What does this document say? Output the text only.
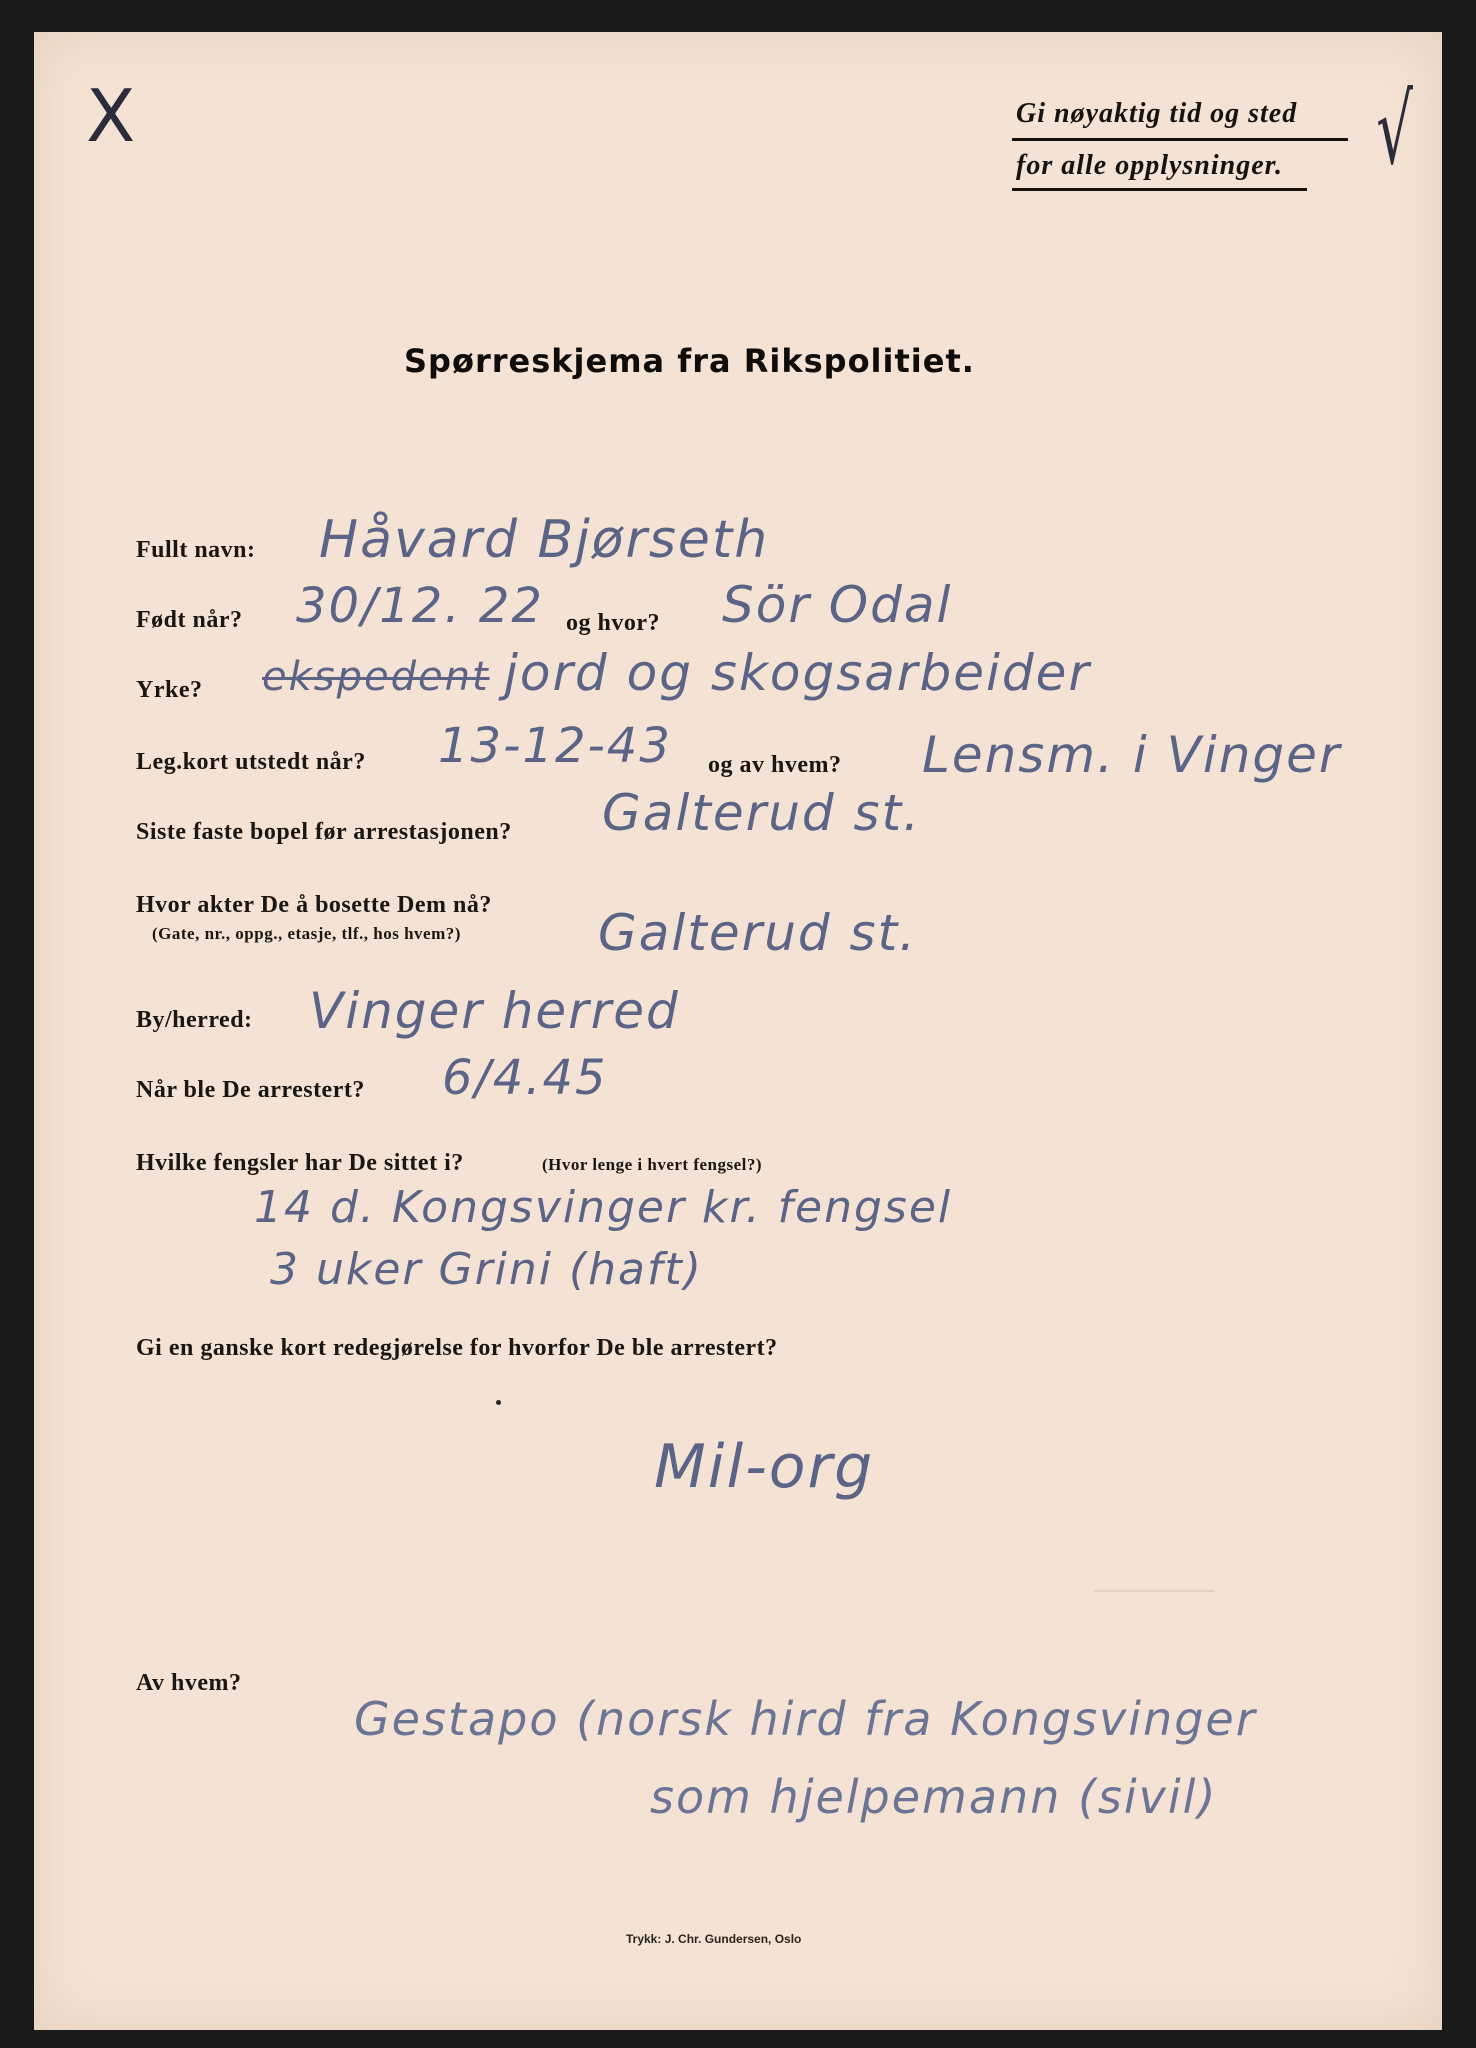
X	√
Gi nøyaktig tid og sted
for alle opplysninger.
Spørreskjema fra Rikspolitiet.
Fullt navn: Håvard Bjørseth
Født når? 30/12. 22 og hvor? Sör Odal
Yrke? ekspedent jord og skogsarbeider
Leg.kort utstedt når? 13-12-43 og av hvem? Lensm. i Vinger
Siste faste bopel før arrestasjonen? Galterud st.
Hvor akter De å bosette Dem nå?
(Gate, nr., oppg., etasje, tlf., hos hvem?)	Galterud st.
By/herred: Vinger herred
Når ble De arrestert? 6/4.45
Hvilke fengsler har De sittet i?	(Hvor lenge i hvert fengsel?)
14 d. Kongsvinger kr. fengsel
3 uker Grini (haft)
Gi en ganske kort redegjørelse for hvorfor De ble arrestert?
Mil-org
Av hvem?
Gestapo (norsk hird fra Kongsvinger
som hjelpemann (sivil)
Trykk: J. Chr. Gundersen, Oslo
